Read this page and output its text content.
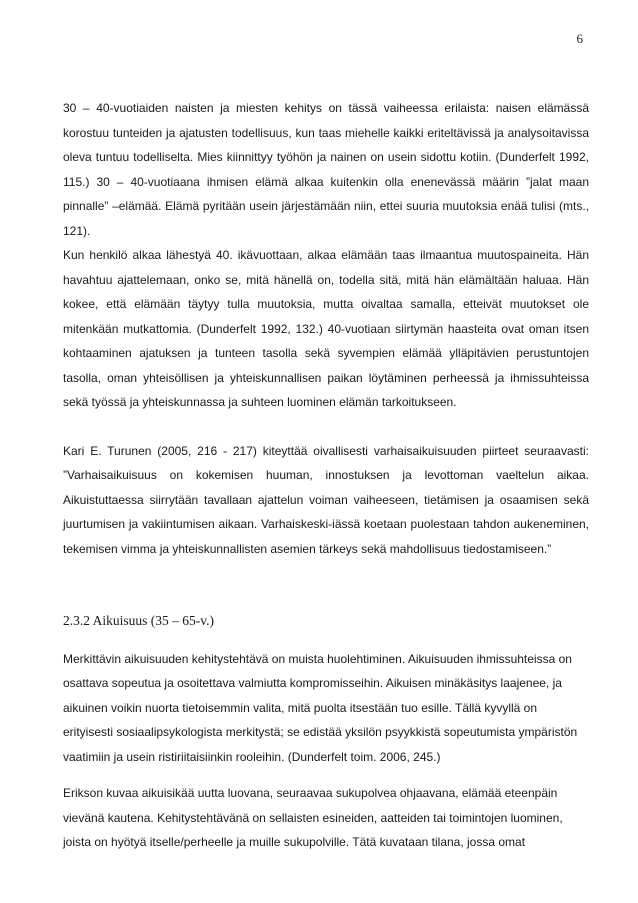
6

30 – 40-vuotiaiden naisten ja miesten kehitys on tässä vaiheessa erilaista: naisen elämässä korostuu tunteiden ja ajatusten todellisuus, kun taas miehelle kaikki eriteltävissä ja analysoitavissa oleva tuntuu todelliselta. Mies kiinnittyy työhön ja nainen on usein sidottu kotiin. (Dunderfelt 1992, 115.) 30 – 40-vuotiaana ihmisen elämä alkaa kuitenkin olla enenevässä määrin ”jalat maan pinnalle” –elämää. Elämä pyritään usein järjestämään niin, ettei suuria muutoksia enää tulisi (mts., 121).

Kun henkilö alkaa lähestyä 40. ikävuottaan, alkaa elämään taas ilmaantua muutospaineita. Hän havahtuu ajattelemaan, onko se, mitä hänellä on, todella sitä, mitä hän elämältään haluaa. Hän kokee, että elämään täytyy tulla muutoksia, mutta oivaltaa samalla, etteivät muutokset ole mitenkään mutkattomia. (Dunderfelt 1992, 132.) 40-vuotiaan siirtymän haasteita ovat oman itsen kohtaaminen ajatuksen ja tunteen tasolla sekä syvempien elämää ylläpitävien perustuntojen tasolla, oman yhteisöllisen ja yhteiskunnallisen paikan löytäminen perheessä ja ihmissuhteissa sekä työssä ja yhteiskunnassa ja suhteen luominen elämän tarkoitukseen.

Kari E. Turunen (2005, 216 - 217) kiteyttää oivallisesti varhaisaikuisuuden piirteet seuraavasti: ”Varhaisaikuisuus on kokemisen huuman, innostuksen ja levottoman vaeltelun aikaa. Aikuistuttaessa siirrytään tavallaan ajattelun voiman vaiheeseen, tietämisen ja osaamisen sekä juurtumisen ja vakiintumisen aikaan. Varhaiskeski-iässä koetaan puolestaan tahdon aukeneminen, tekemisen vimma ja yhteiskunnallisten asemien tärkeys sekä mahdollisuus tiedostamiseen.”

2.3.2 Aikuisuus (35 – 65-v.)

Merkittävin aikuisuuden kehitystehtävä on muista huolehtiminen. Aikuisuuden ihmissuhteissa on osattava sopeutua ja osoitettava valmiutta kompromisseihin. Aikuisen minäkäsitys laajenee, ja aikuinen voikin nuorta tietoisemmin valita, mitä puolta itsestään tuo esille. Tällä kyvyllä on erityisesti sosiaalipsykologista merkitystä; se edistää yksilön psyykkistä sopeutumista ympäristön vaatimiin ja usein ristiriitaisiinkin rooleihin. (Dunderfelt toim. 2006, 245.)

Erikson kuvaa aikuisikää uutta luovana, seuraavaa sukupolvea ohjaavana, elämää eteenpäin vievänä kautena. Kehitystehtävänä on sellaisten esineiden, aatteiden tai toimintojen luominen, joista on hyötyä itselle/perheelle ja muille sukupolville. Tätä kuvataan tilana, jossa omat
